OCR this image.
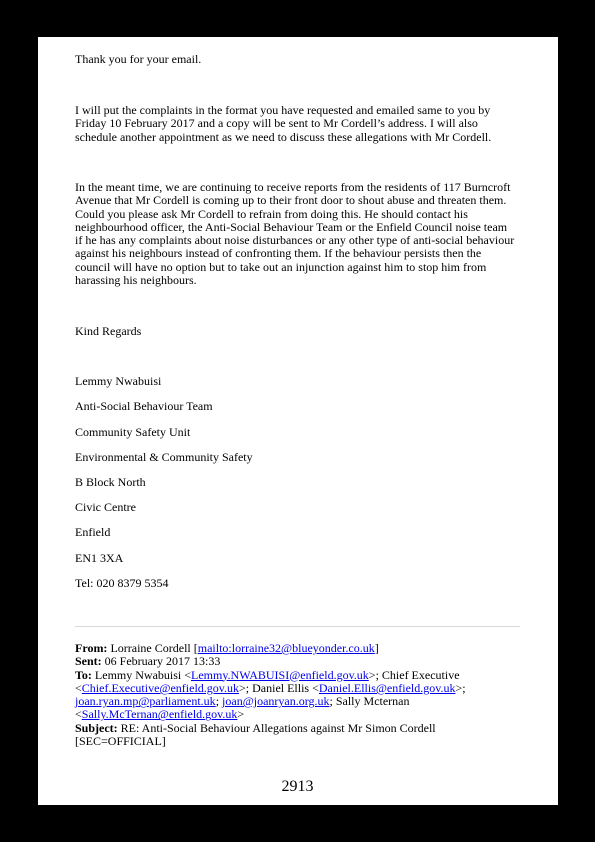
Thank you for your email.

I will put the complaints in the format you have requested and emailed same to you by Friday 10 February 2017 and a copy will be sent to Mr Cordell’s address. I will also schedule another appointment as we need to discuss these allegations with Mr Cordell.

In the meant time, we are continuing to receive reports from the residents of 117 Burncroft Avenue that Mr Cordell is coming up to their front door to shout abuse and threaten them. Could you please ask Mr Cordell to refrain from doing this. He should contact his neighbourhood officer, the Anti-Social Behaviour Team or the Enfield Council noise team if he has any complaints about noise disturbances or any other type of anti-social behaviour against his neighbours instead of confronting them. If the behaviour persists then the council will have no option but to take out an injunction against him to stop him from harassing his neighbours.

Kind Regards

Lemmy Nwabuisi

Anti-Social Behaviour Team

Community Safety Unit

Environmental & Community Safety

B Block North

Civic Centre

Enfield

EN1 3XA

Tel: 020 8379 5354

From: Lorraine Cordell [mailto:lorraine32@blueyonder.co.uk]
Sent: 06 February 2017 13:33
To: Lemmy Nwabuisi <Lemmy.NWABUISI@enfield.gov.uk>; Chief Executive
<Chief.Executive@enfield.gov.uk>; Daniel Ellis <Daniel.Ellis@enfield.gov.uk>;
joan.ryan.mp@parliament.uk; joan@joanryan.org.uk; Sally Mcternan
<Sally.McTernan@enfield.gov.uk>
Subject: RE: Anti-Social Behaviour Allegations against Mr Simon Cordell
[SEC=OFFICIAL]
2913
